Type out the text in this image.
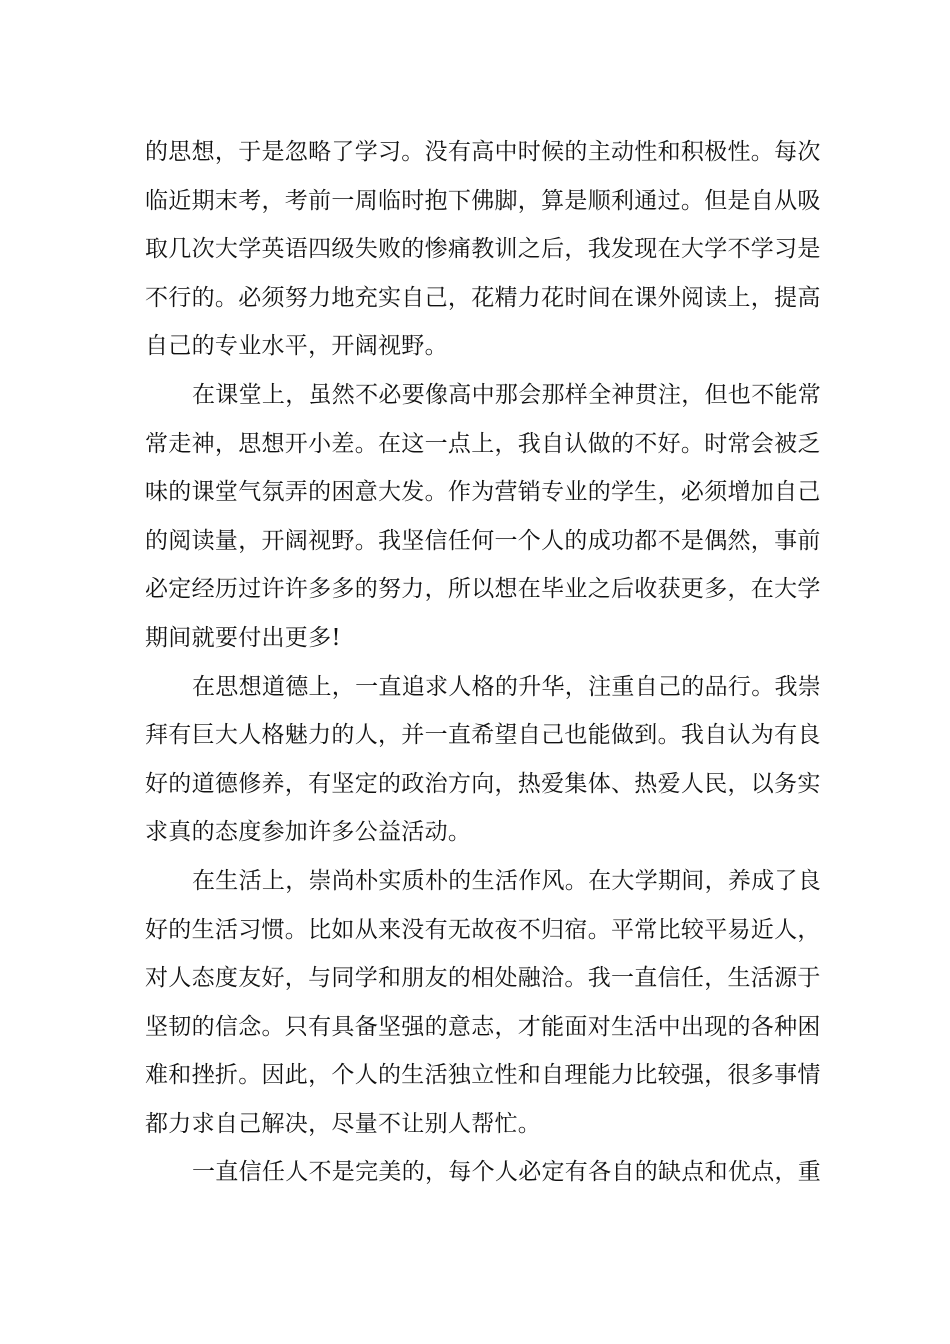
的思想，于是忽略了学习。没有高中时候的主动性和积极性。每次
临近期末考，考前一周临时抱下佛脚，算是顺利通过。但是自从吸
取几次大学英语四级失败的惨痛教训之后，我发现在大学不学习是
不行的。必须努力地充实自己，花精力花时间在课外阅读上，提高
自己的专业水平，开阔视野。
在课堂上，虽然不必要像高中那会那样全神贯注，但也不能常
常走神，思想开小差。在这一点上，我自认做的不好。时常会被乏
味的课堂气氛弄的困意大发。作为营销专业的学生，必须增加自己
的阅读量，开阔视野。我坚信任何一个人的成功都不是偶然，事前
必定经历过许许多多的努力，所以想在毕业之后收获更多，在大学
期间就要付出更多!
在思想道德上，一直追求人格的升华，注重自己的品行。我崇
拜有巨大人格魅力的人，并一直希望自己也能做到。我自认为有良
好的道德修养，有坚定的政治方向，热爱集体、热爱人民，以务实
求真的态度参加许多公益活动。
在生活上，崇尚朴实质朴的生活作风。在大学期间，养成了良
好的生活习惯。比如从来没有无故夜不归宿。平常比较平易近人，
对人态度友好，与同学和朋友的相处融洽。我一直信任，生活源于
坚韧的信念。只有具备坚强的意志，才能面对生活中出现的各种困
难和挫折。因此，个人的生活独立性和自理能力比较强，很多事情
都力求自己解决，尽量不让别人帮忙。
一直信任人不是完美的，每个人必定有各自的缺点和优点，重
